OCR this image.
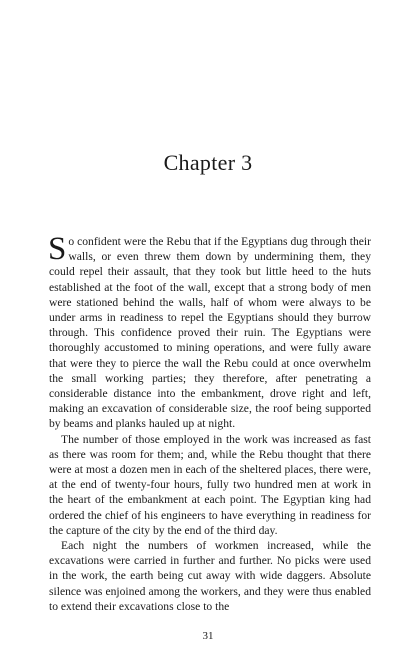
Chapter 3

So confident were the Rebu that if the Egyptians dug through their walls, or even threw them down by undermining them, they could repel their assault, that they took but little heed to the huts established at the foot of the wall, except that a strong body of men were stationed behind the walls, half of whom were always to be under arms in readiness to repel the Egyptians should they burrow through. This confidence proved their ruin. The Egyptians were thoroughly accustomed to mining operations, and were fully aware that were they to pierce the wall the Rebu could at once overwhelm the small working parties; they therefore, after penetrating a considerable distance into the embankment, drove right and left, making an excavation of considerable size, the roof being supported by beams and planks hauled up at night.

The number of those employed in the work was increased as fast as there was room for them; and, while the Rebu thought that there were at most a dozen men in each of the sheltered places, there were, at the end of twenty-four hours, fully two hundred men at work in the heart of the embankment at each point. The Egyptian king had ordered the chief of his engineers to have everything in readiness for the capture of the city by the end of the third day.

Each night the numbers of workmen increased, while the excavations were carried in further and further. No picks were used in the work, the earth being cut away with wide daggers. Absolute silence was enjoined among the workers, and they were thus enabled to extend their excavations close to the

31
